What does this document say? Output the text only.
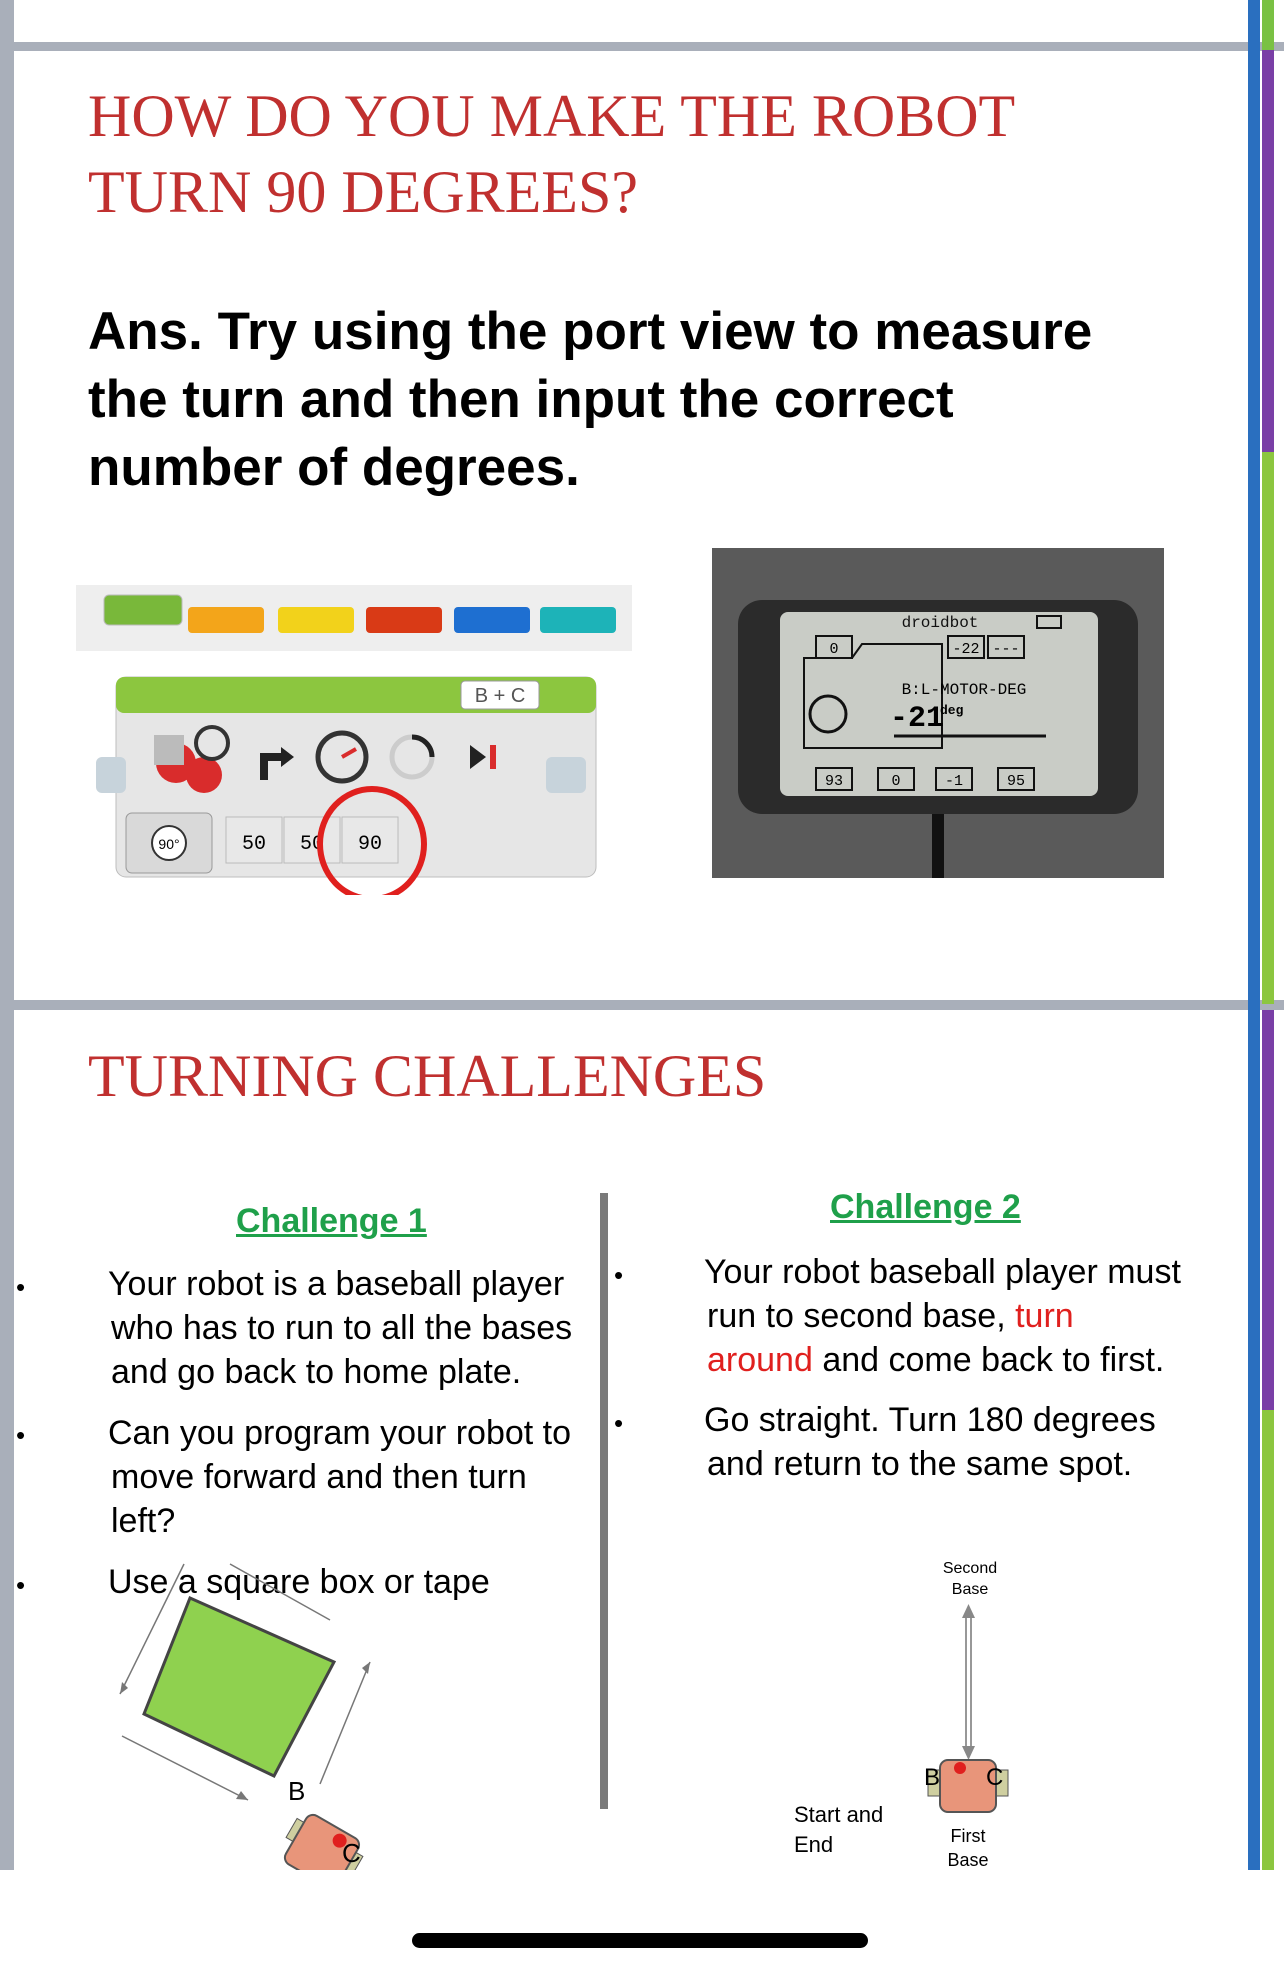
HOW DO YOU MAKE THE ROBOT
TURN 90 DEGREES?
Ans. Try using the port view to measure
the turn and then input the correct
number of degrees.
B + C
90°	50 50 90
droidbot
0	-22 ---
B:L-MOTOR-DEG
-21
deg
93	0	-1	95
TURNING CHALLENGES
Challenge 1
• Your robot is a baseball player
who has to run to all the bases
and go back to home plate.
• Can you program your robot to
move forward and then turn
left?
• Use a square box or tape
B
C
Challenge 2
• Your robot baseball player must
run to second base, turn
around and come back to first.
• Go straight. Turn 180 degrees
and return to the same spot.
Second
Base
B C
Start and
End	First
Base
